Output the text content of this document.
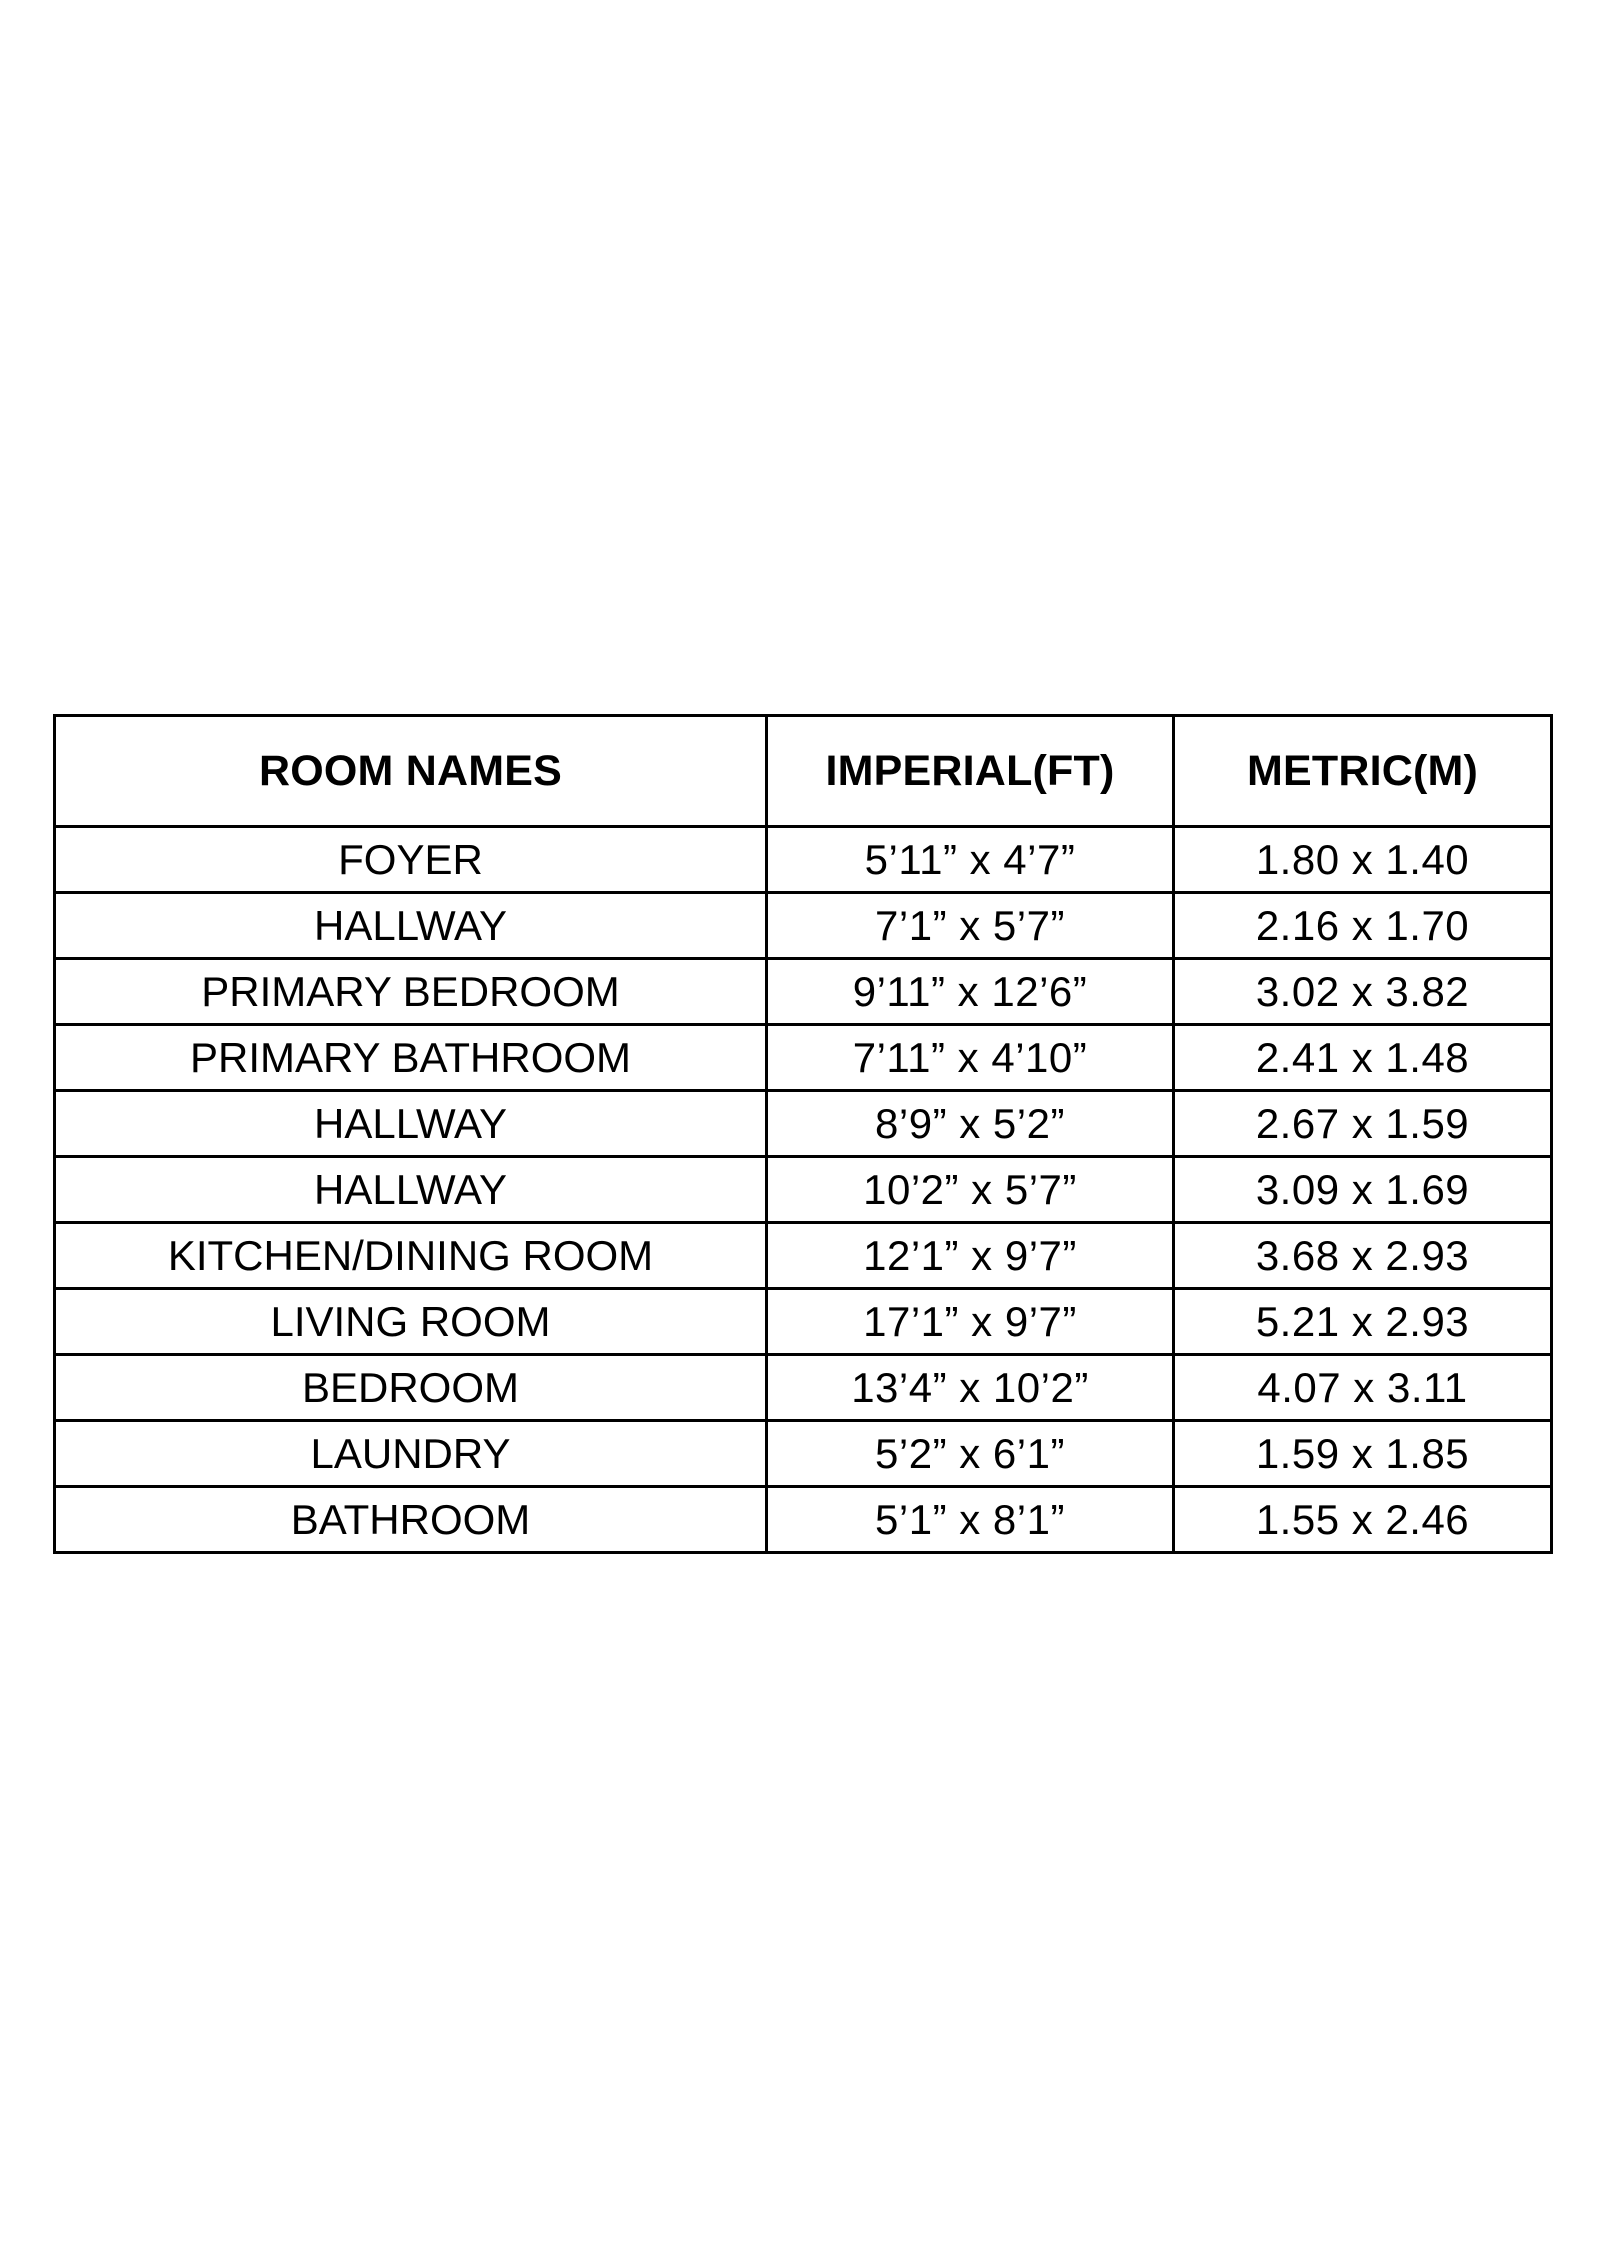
ROOM NAMES	IMPERIAL(FT)	METRIC(M)
FOYER	5’11” x 4’7”	1.80 x 1.40
HALLWAY	7’1” x 5’7”	2.16 x 1.70
PRIMARY BEDROOM	9’11” x 12’6”	3.02 x 3.82
PRIMARY BATHROOM	7’11” x 4’10”	2.41 x 1.48
HALLWAY	8’9” x 5’2”	2.67 x 1.59
HALLWAY	10’2” x 5’7”	3.09 x 1.69
KITCHEN/DINING ROOM	12’1” x 9’7”	3.68 x 2.93
LIVING ROOM	17’1” x 9’7”	5.21 x 2.93
BEDROOM	13’4” x 10’2”	4.07 x 3.11
LAUNDRY	5’2” x 6’1”	1.59 x 1.85
BATHROOM	5’1” x 8’1”	1.55 x 2.46
